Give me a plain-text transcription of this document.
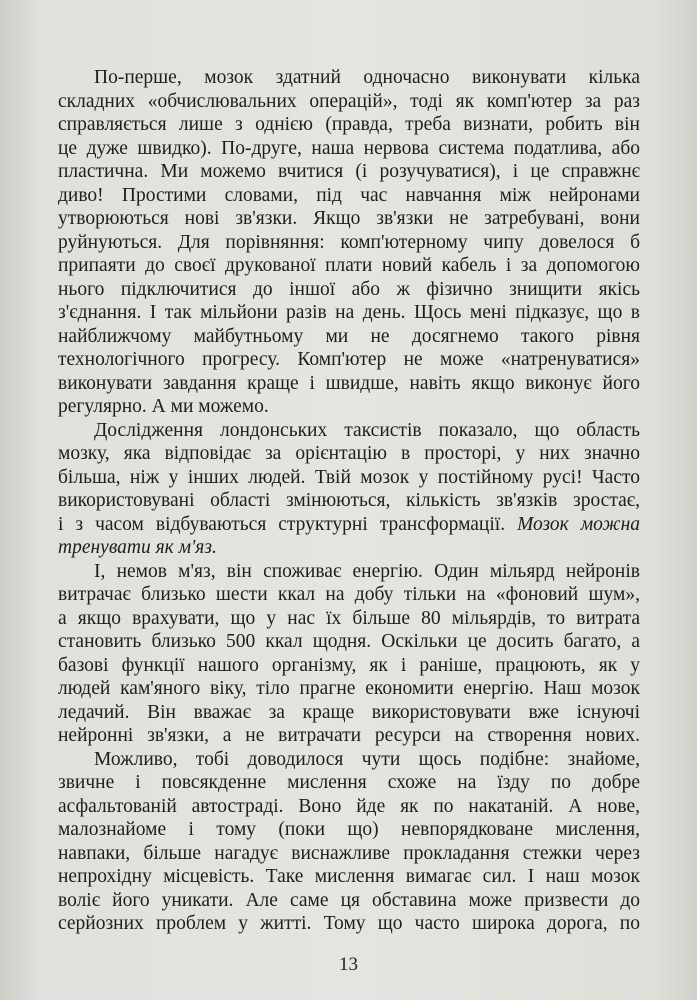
По-перше, мозок здатний одночасно виконувати кілька
складних «обчислювальних операцій», тоді як комп'ютер за раз
справляється лише з однією (правда, треба визнати, робить він
це дуже швидко). По-друге, наша нервова система податлива, або
пластична. Ми можемо вчитися (і розучуватися), і це справжнє
диво! Простими словами, під час навчання між нейронами
утворюються нові зв'язки. Якщо зв'язки не затребувані, вони
руйнуються. Для порівняння: комп'ютерному чипу довелося б
припаяти до своєї друкованої плати новий кабель і за допомогою
нього підключитися до іншої або ж фізично знищити якісь
з'єднання. І так мільйони разів на день. Щось мені підказує, що в
найближчому майбутньому ми не досягнемо такого рівня
технологічного прогресу. Комп'ютер не може «натренуватися»
виконувати завдання краще і швидше, навіть якщо виконує його
регулярно. А ми можемо.

Дослідження лондонських таксистів показало, що область
мозку, яка відповідає за орієнтацію в просторі, у них значно
більша, ніж у інших людей. Твій мозок у постійному русі! Часто
використовувані області змінюються, кількість зв'язків зростає,
і з часом відбуваються структурні трансформації. Мозок можна
тренувати як м'яз.

І, немов м'яз, він споживає енергію. Один мільярд нейронів
витрачає близько шести ккал на добу тільки на «фоновий шум»,
а якщо врахувати, що у нас їх більше 80 мільярдів, то витрата
становить близько 500 ккал щодня. Оскільки це досить багато, а
базові функції нашого організму, як і раніше, працюють, як у
людей кам'яного віку, тіло прагне економити енергію. Наш мозок
ледачий. Він вважає за краще використовувати вже існуючі
нейронні зв'язки, а не витрачати ресурси на створення нових.

Можливо, тобі доводилося чути щось подібне: знайоме,
звичне і повсякденне мислення схоже на їзду по добре
асфальтованій автостраді. Воно йде як по накатаній. А нове,
малознайоме і тому (поки що) невпорядковане мислення,
навпаки, більше нагадує виснажливе прокладання стежки через
непрохідну місцевість. Таке мислення вимагає сил. І наш мозок
воліє його уникати. Але саме ця обставина може призвести до
серйозних проблем у житті. Тому що часто широка дорога, по

13
